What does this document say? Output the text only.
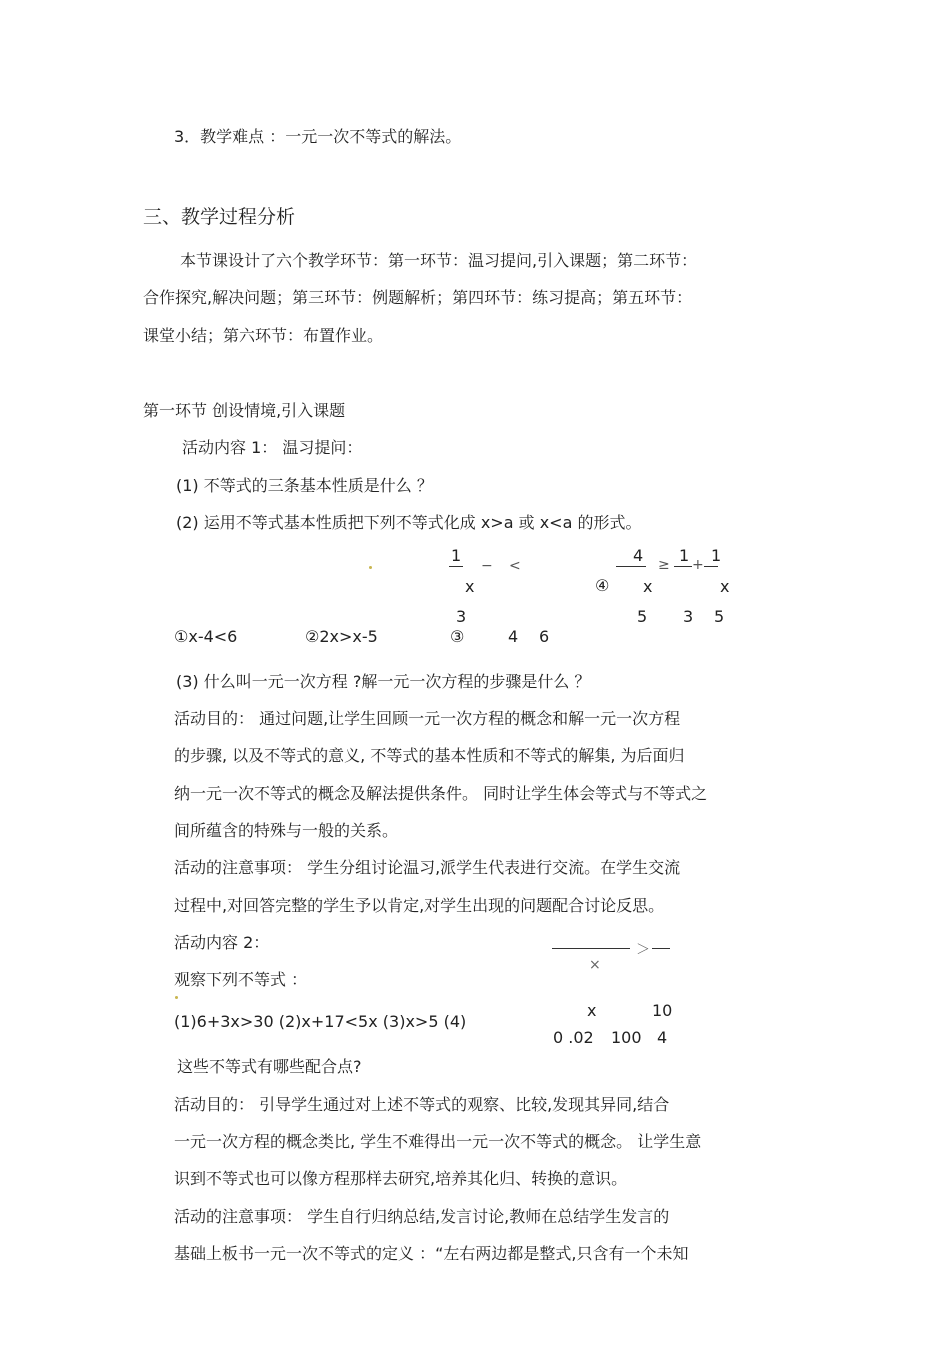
3．教学难点 ：一元一次不等式的解法。
三、教学过程分析
本节课设计了六个教学环节：第一环节：温习提问,引入课题；第二环节：
合作探究,解决问题；第三环节：例题解析；第四环节：练习提高；第五环节：
课堂小结；第六环节：布置作业。
第一环节 创设情境,引入课题
活动内容 1： 温习提问：
(1) 不等式的三条基本性质是什么 ？
(2) 运用不等式基本性质把下列不等式化成 x>a 或 x<a 的形式。
1
− <
x
3
4 ≥ 1 + 1
④ x	x
5 3 5
①x-4<6	②2x>x-5	③	4 6
(3) 什么叫一元一次方程 ?解一元一次方程的步骤是什么 ？
活动目的： 通过问题,让学生回顾一元一次方程的概念和解一元一次方程
的步骤, 以及不等式的意义, 不等式的基本性质和不等式的解集, 为后面归
纳一元一次不等式的概念及解法提供条件。 同时让学生体会等式与不等式之
间所蕴含的特殊与一般的关系。
活动的注意事项： 学生分组讨论温习,派学生代表进行交流。在学生交流
过程中,对回答完整的学生予以肯定,对学生出现的问题配合讨论反思。
活动内容 2：	＞
×
观察下列不等式 ：
x	10
(1)6+3x>30 (2)x+17<5x (3)x>5 (4)
0 .02 100 4
这些不等式有哪些配合点?
活动目的： 引导学生通过对上述不等式的观察、比较,发现其异同,结合
一元一次方程的概念类比, 学生不难得出一元一次不等式的概念。 让学生意
识到不等式也可以像方程那样去研究,培养其化归、转换的意识。
活动的注意事项： 学生自行归纳总结,发言讨论,教师在总结学生发言的
基础上板书一元一次不等式的定义 ：“左右两边都是整式,只含有一个未知
